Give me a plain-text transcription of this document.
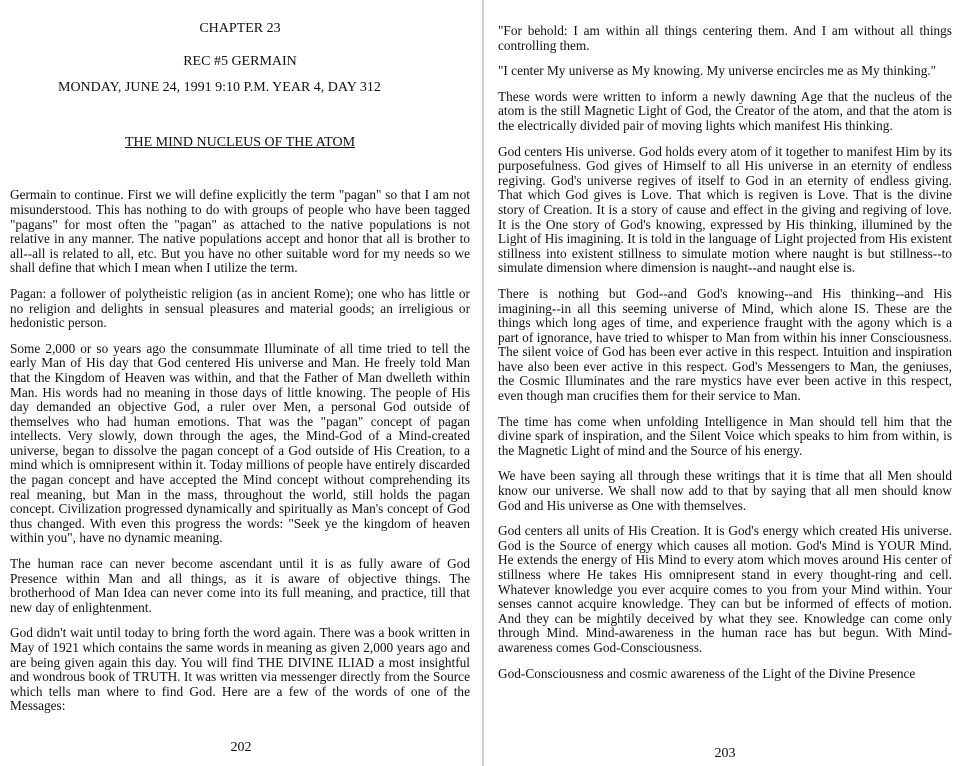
CHAPTER 23
REC #5 GERMAIN
MONDAY, JUNE 24, 1991 9:10 P.M. YEAR 4, DAY 312
THE MIND NUCLEUS OF THE ATOM

Germain to continue. First we will define explicitly the term "pagan" so that I am not misunderstood. This has nothing to do with groups of people who have been tagged "pagans" for most often the "pagan" as attached to the native populations is not relative in any manner. The native populations accept and honor that all is brother to all--all is related to all, etc. But you have no other suitable word for my needs so we shall define that which I mean when I utilize the term.

Pagan: a follower of polytheistic religion (as in ancient Rome); one who has little or no religion and delights in sensual pleasures and material goods; an irreligious or hedonistic person.

Some 2,000 or so years ago the consummate Illuminate of all time tried to tell the early Man of His day that God centered His universe and Man. He freely told Man that the Kingdom of Heaven was within, and that the Father of Man dwelleth within Man. His words had no meaning in those days of little knowing. The people of His day demanded an objective God, a ruler over Men, a personal God outside of themselves who had human emotions. That was the "pagan" concept of pagan intellects. Very slowly, down through the ages, the Mind-God of a Mind-created universe, began to dissolve the pagan concept of a God outside of His Creation, to a mind which is omnipresent within it. Today millions of people have entirely discarded the pagan concept and have accepted the Mind concept without comprehending its real meaning, but Man in the mass, throughout the world, still holds the pagan concept. Civilization progressed dynamically and spiritually as Man's concept of God thus changed. With even this progress the words: "Seek ye the kingdom of heaven within you", have no dynamic meaning.

The human race can never become ascendant until it is as fully aware of God Presence within Man and all things, as it is aware of objective things. The brotherhood of Man Idea can never come into its full meaning, and practice, till that new day of enlightenment.

God didn't wait until today to bring forth the word again. There was a book written in May of 1921 which contains the same words in meaning as given 2,000 years ago and are being given again this day. You will find THE DIVINE ILIAD a most insightful and wondrous book of TRUTH. It was written via messenger directly from the Source which tells man where to find God. Here are a few of the words of one of the Messages:

202

"For behold: I am within all things centering them. And I am without all things controlling them.

"I center My universe as My knowing. My universe encircles me as My thinking."

These words were written to inform a newly dawning Age that the nucleus of the atom is the still Magnetic Light of God, the Creator of the atom, and that the atom is the electrically divided pair of moving lights which manifest His thinking.

God centers His universe. God holds every atom of it together to manifest Him by its purposefulness. God gives of Himself to all His universe in an eternity of endless regiving. God's universe regives of itself to God in an eternity of endless giving. That which God gives is Love. That which is regiven is Love. That is the divine story of Creation. It is a story of cause and effect in the giving and regiving of love. It is the One story of God's knowing, expressed by His thinking, illumined by the Light of His imagining. It is told in the language of Light projected from His existent stillness into existent stillness to simulate motion where naught is but stillness--to simulate dimension where dimension is naught--and naught else is.

There is nothing but God--and God's knowing--and His thinking--and His imagining--in all this seeming universe of Mind, which alone IS. These are the things which long ages of time, and experience fraught with the agony which is a part of ignorance, have tried to whisper to Man from within his inner Consciousness. The silent voice of God has been ever active in this respect. Intuition and inspiration have also been ever active in this respect. God's Messengers to Man, the geniuses, the Cosmic Illuminates and the rare mystics have ever been active in this respect, even though man crucifies them for their service to Man.

The time has come when unfolding Intelligence in Man should tell him that the divine spark of inspiration, and the Silent Voice which speaks to him from within, is the Magnetic Light of mind and the Source of his energy.

We have been saying all through these writings that it is time that all Men should know our universe. We shall now add to that by saying that all men should know God and His universe as One with themselves.

God centers all units of His Creation. It is God's energy which created His universe. God is the Source of energy which causes all motion. God's Mind is YOUR Mind. He extends the energy of His Mind to every atom which moves around His center of stillness where He takes His omnipresent stand in every thought-ring and cell. Whatever knowledge you ever acquire comes to you from your Mind within. Your senses cannot acquire knowledge. They can but be informed of effects of motion. And they can be mightily deceived by what they see. Knowledge can come only through Mind. Mind-awareness in the human race has but begun. With Mind-awareness comes God-Consciousness.

God-Consciousness and cosmic awareness of the Light of the Divine Presence

203
